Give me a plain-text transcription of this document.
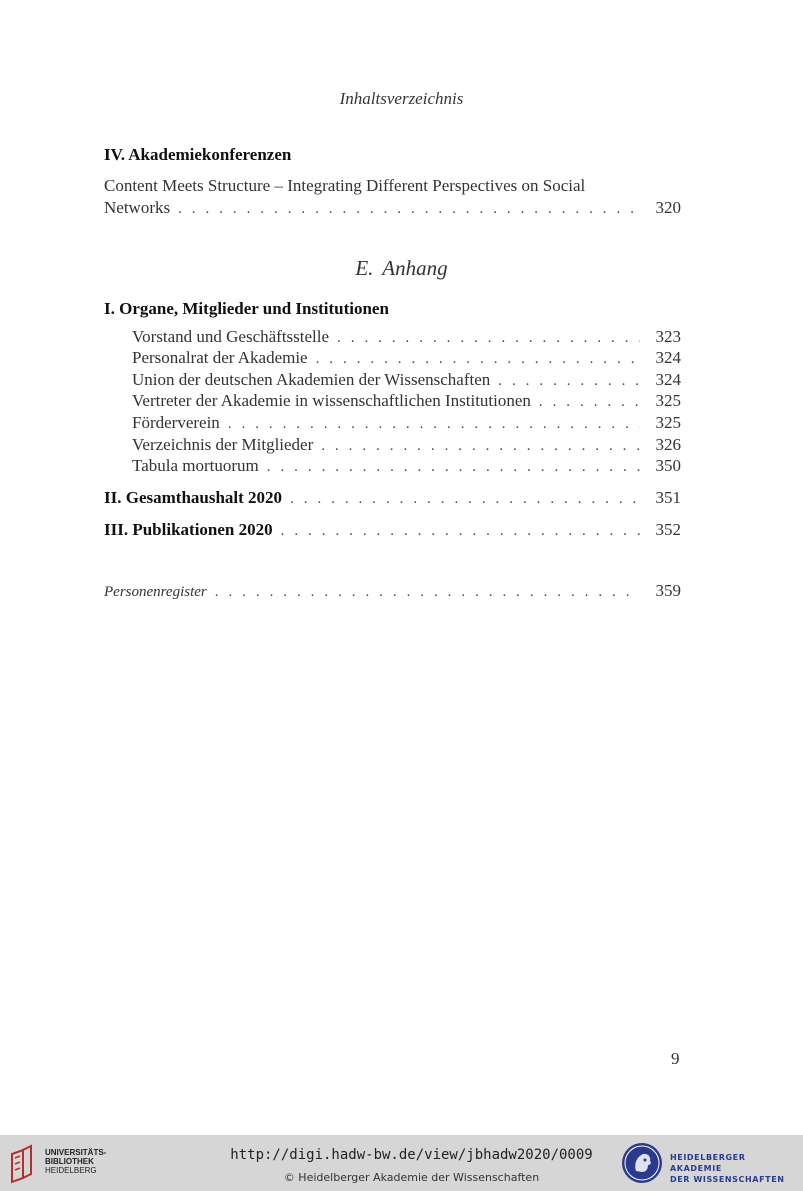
Inhaltsverzeichnis
IV. Akademiekonferenzen
Content Meets Structure – Integrating Different Perspectives on Social
Networks . . .	320
E. Anhang
I. Organe, Mitglieder und Institutionen
Vorstand und Geschäftsstelle . . .	323
Personalrat der Akademie . . .	324
Union der deutschen Akademien der Wissenschaften . . .	324
Vertreter der Akademie in wissenschaftlichen Institutionen . . .	325
Förderverein . . .	325
Verzeichnis der Mitglieder . . .	326
Tabula mortuorum . . .	350
II. Gesamthaushalt 2020 . . .	351
III. Publikationen 2020 . . .	352
Personenregister . . .	359
9
UNIVERSITÄTS-
BIBLIOTHEK
HEIDELBERG
http://digi.hadw-bw.de/view/jbhadw2020/0009
© Heidelberger Akademie der Wissenschaften
HEIDELBERGER AKADEMIE
DER WISSENSCHAFTEN
